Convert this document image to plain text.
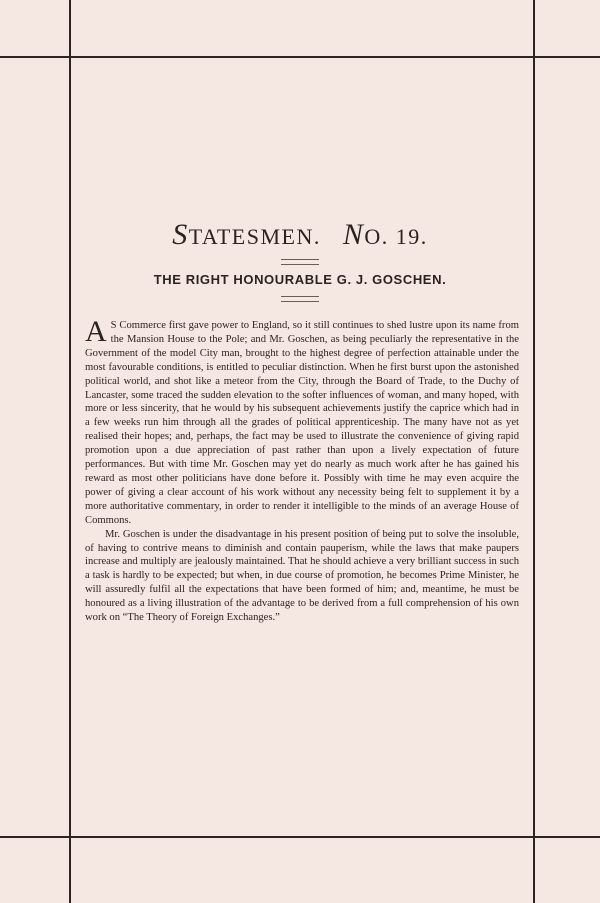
STATESMEN. NO. 19.
THE RIGHT HONOURABLE G. J. GOSCHEN.

A S Commerce first gave power to England, so it still continues to shed lustre upon its name from the Mansion House to the Pole; and Mr. Goschen, as being peculiarly the representative in the Government of the model City man, brought to the highest degree of perfection attainable under the most favourable conditions, is entitled to peculiar distinction. When he first burst upon the astonished political world, and shot like a meteor from the City, through the Board of Trade, to the Duchy of Lancaster, some traced the sudden elevation to the softer influences of woman, and many hoped, with more or less sincerity, that he would by his subsequent achievements justify the caprice which had in a few weeks run him through all the grades of political apprenticeship. The many have not as yet realised their hopes; and, perhaps, the fact may be used to illustrate the convenience of giving rapid promotion upon a due appreciation of past rather than upon a lively expectation of future performances. But with time Mr. Goschen may yet do nearly as much work after he has gained his reward as most other politicians have done before it. Possibly with time he may even acquire the power of giving a clear account of his work without any necessity being felt to supplement it by a more authoritative commentary, in order to render it intelligible to the minds of an average House of Commons.

Mr. Goschen is under the disadvantage in his present position of being put to solve the insoluble, of having to contrive means to diminish and contain pauperism, while the laws that make paupers increase and multiply are jealously maintained. That he should achieve a very brilliant success in such a task is hardly to be expected; but when, in due course of promotion, he becomes Prime Minister, he will assuredly fulfil all the expectations that have been formed of him; and, meantime, he must be honoured as a living illustration of the advantage to be derived from a full comprehension of his own work on “The Theory of Foreign Exchanges.”
